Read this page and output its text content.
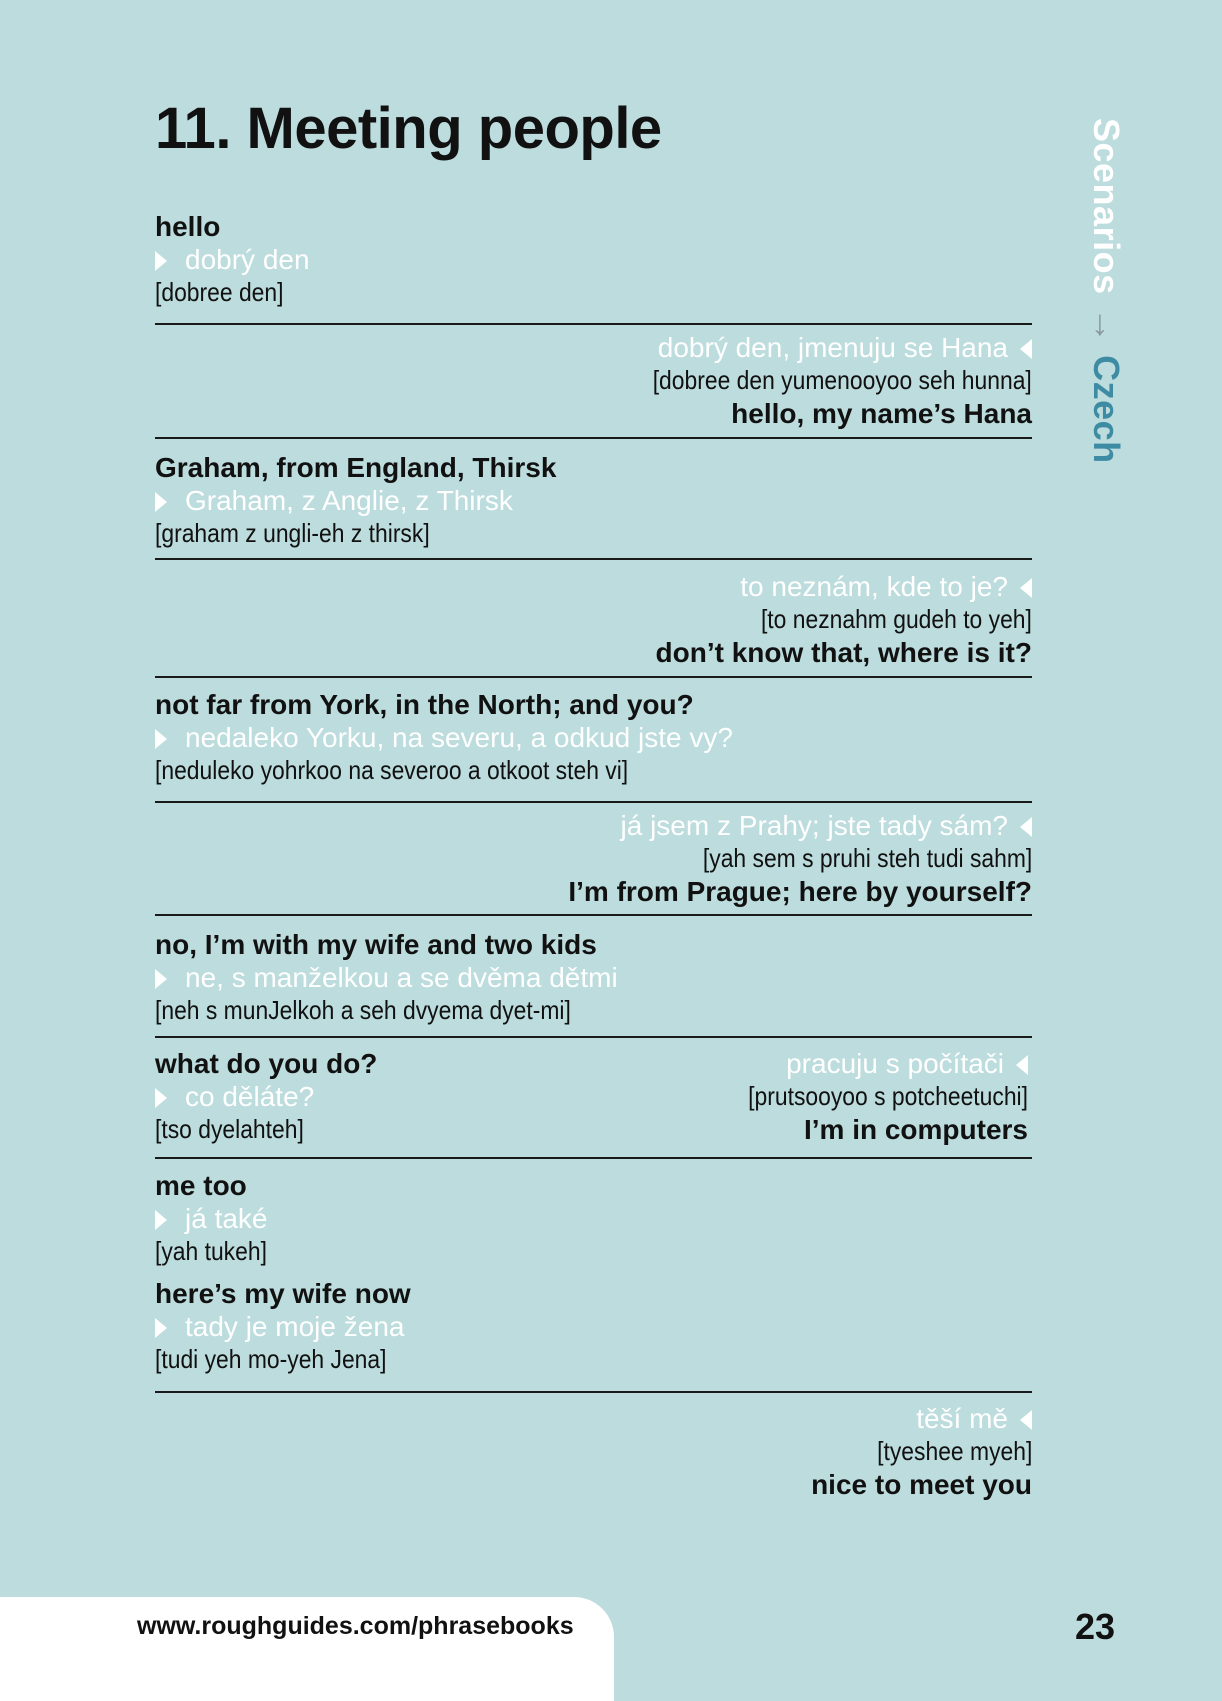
11. Meeting people	Scenarios→Czech
hello
dobrý den
[dobree den]
dobrý den, jmenuju se Hana
[dobree den yumenooyoo seh hunna]
hello, my name’s Hana
Graham, from England, Thirsk
Graham, z Anglie, z Thirsk
[graham z ungli-eh z thirsk]
to neznám, kde to je?
[to neznahm gudeh to yeh]
don’t know that, where is it?
not far from York, in the North; and you?
nedaleko Yorku, na severu, a odkud jste vy?
[neduleko yohrkoo na severoo a otkoot steh vi]
já jsem z Prahy; jste tady sám?
[yah sem s pruhi steh tudi sahm]
I’m from Prague; here by yourself?
no, I’m with my wife and two kids
ne, s manželkou a se dvěma dětmi
[neh s munJelkoh a seh dvyema dyet-mi]
what do you do?
co děláte?
[tso dyelahteh]
pracuju s počítači
[prutsooyoo s potcheetuchi]
I’m in computers
me too
já také
[yah tukeh]
here’s my wife now
tady je moje žena
[tudi yeh mo-yeh Jena]
těší mě
[tyeshee myeh]
nice to meet you
www.roughguides.com/phrasebooks	23
